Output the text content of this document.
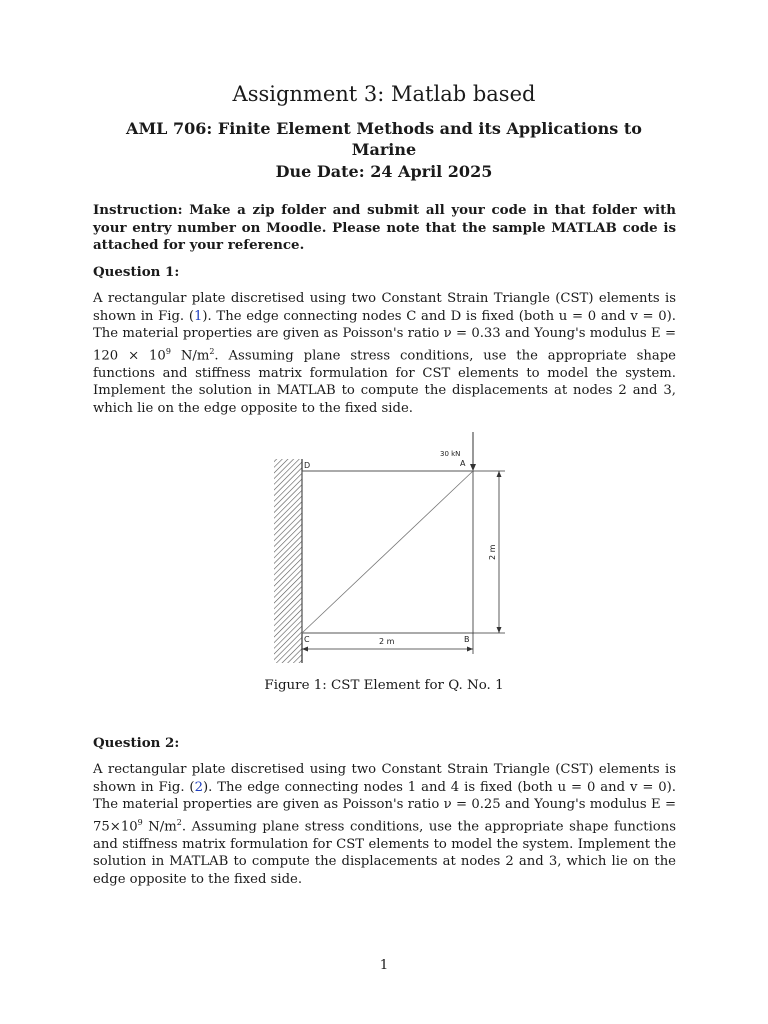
Assignment 3: Matlab based
AML 706: Finite Element Methods and its Applications to Marine
Due Date: 24 April 2025
Instruction: Make a zip folder and submit all your code in that folder with your entry number on Moodle. Please note that the sample MATLAB code is attached for your reference.
Question 1:
A rectangular plate discretised using two Constant Strain Triangle (CST) elements is shown in Fig. (1). The edge connecting nodes C and D is fixed (both u = 0 and v = 0). The material properties are given as Poisson's ratio ν = 0.33 and Young's modulus $E = 120 \times 10^9$ $N/m^2$. Assuming plane stress conditions, use the appropriate shape functions and stiffness matrix formulation for CST elements to model the system. Implement the solution in MATLAB to compute the displacements at nodes 2 and 3, which lie on the edge opposite to the fixed side.
30 kN
A
D
C	B
2 m
2 m
Figure 1: CST Element for Q. No. 1
Question 2:
A rectangular plate discretised using two Constant Strain Triangle (CST) elements is shown in Fig. (2). The edge connecting nodes 1 and 4 is fixed (both u = 0 and v = 0). The material properties are given as Poisson's ratio ν = 0.25 and Young's modulus $E = 75\times 10^9$ $N/m^2$. Assuming plane stress conditions, use the appropriate shape functions and stiffness matrix formulation for CST elements to model the system. Implement the solution in MATLAB to compute the displacements at nodes 2 and 3, which lie on the edge opposite to the fixed side.
1
